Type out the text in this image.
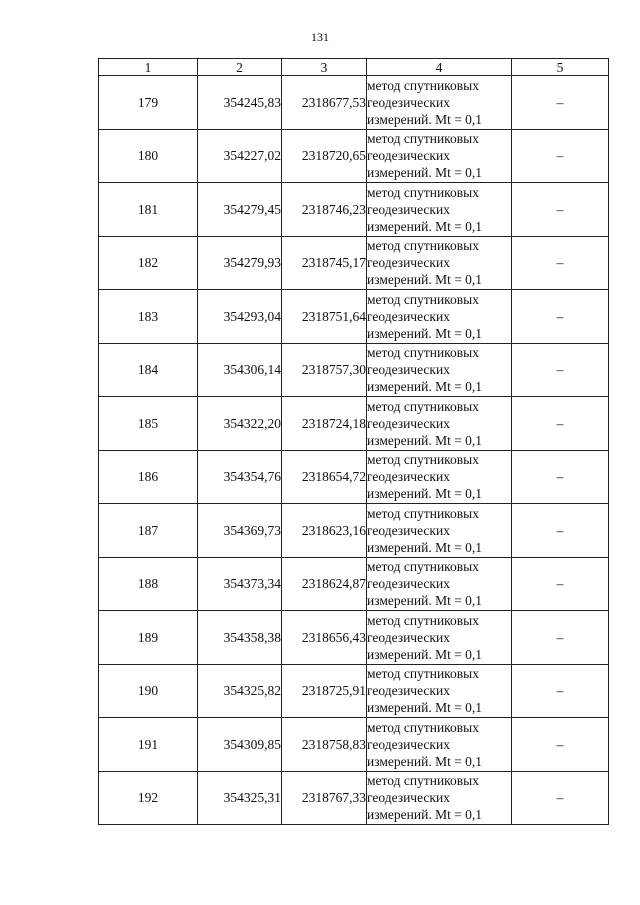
131
1	2	3	4	5
179	354245,83	2318677,53	метод спутниковых
геодезических
измерений. Mt = 0,1	–
180	354227,02	2318720,65	метод спутниковых
геодезических
измерений. Mt = 0,1	–
181	354279,45	2318746,23	метод спутниковых
геодезических
измерений. Mt = 0,1	–
182	354279,93	2318745,17	метод спутниковых
геодезических
измерений. Mt = 0,1	–
183	354293,04	2318751,64	метод спутниковых
геодезических
измерений. Mt = 0,1	–
184	354306,14	2318757,30	метод спутниковых
геодезических
измерений. Mt = 0,1	–
185	354322,20	2318724,18	метод спутниковых
геодезических
измерений. Mt = 0,1	–
186	354354,76	2318654,72	метод спутниковых
геодезических
измерений. Mt = 0,1	–
187	354369,73	2318623,16	метод спутниковых
геодезических
измерений. Mt = 0,1	–
188	354373,34	2318624,87	метод спутниковых
геодезических
измерений. Mt = 0,1	–
189	354358,38	2318656,43	метод спутниковых
геодезических
измерений. Mt = 0,1	–
190	354325,82	2318725,91	метод спутниковых
геодезических
измерений. Mt = 0,1	–
191	354309,85	2318758,83	метод спутниковых
геодезических
измерений. Mt = 0,1	–
192	354325,31	2318767,33	метод спутниковых
геодезических
измерений. Mt = 0,1	–
